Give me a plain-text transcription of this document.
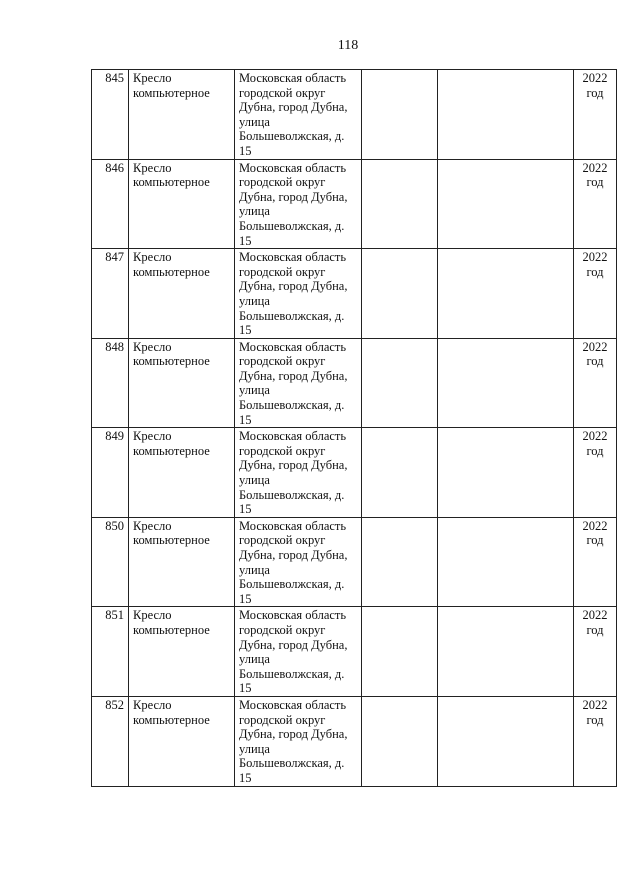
118
845	Кресло компьютерное	Московская область городской округ Дубна, город Дубна, улица Большеволжская, д. 15			2022 год
846	Кресло компьютерное	Московская область городской округ Дубна, город Дубна, улица Большеволжская, д. 15			2022 год
847	Кресло компьютерное	Московская область городской округ Дубна, город Дубна, улица Большеволжская, д. 15			2022 год
848	Кресло компьютерное	Московская область городской округ Дубна, город Дубна, улица Большеволжская, д. 15			2022 год
849	Кресло компьютерное	Московская область городской округ Дубна, город Дубна, улица Большеволжская, д. 15			2022 год
850	Кресло компьютерное	Московская область городской округ Дубна, город Дубна, улица Большеволжская, д. 15			2022 год
851	Кресло компьютерное	Московская область городской округ Дубна, город Дубна, улица Большеволжская, д. 15			2022 год
852	Кресло компьютерное	Московская область городской округ Дубна, город Дубна, улица Большеволжская, д. 15			2022 год
